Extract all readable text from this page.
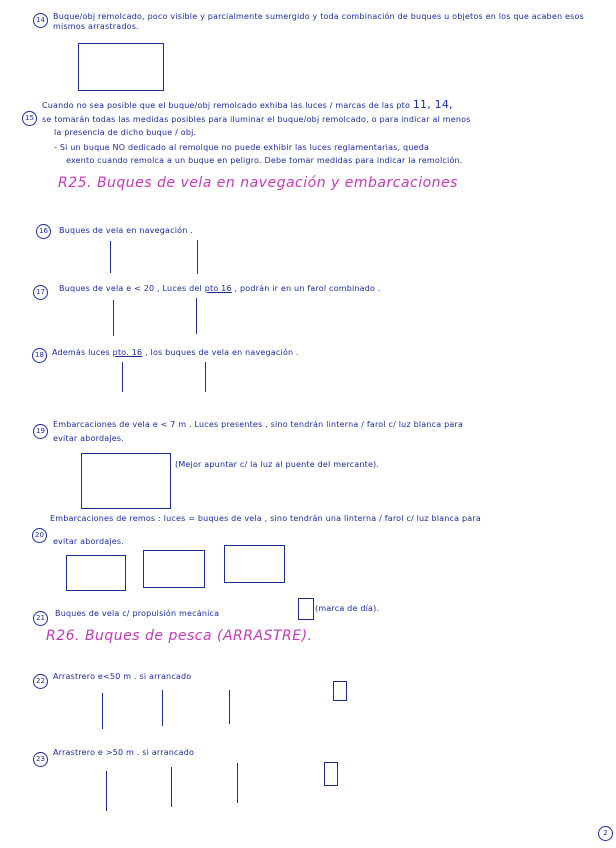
14	Buque/obj remolcado, poco visible y parcialmente sumergido y toda combinación de buques u objetos en los que acaben esos mismos arrastrados.
15
Cuando no sea posible que el buque/obj remolcado exhiba las luces / marcas de las pto 11, 14,
se tomarán todas las medidas posibles para iluminar el buque/obj remolcado, o para indicar al menos
la presencia de dicho buque / obj.
- Si un buque NO dedicado al remolque no puede exhibir las luces reglamentarias, queda
exento cuando remolca a un buque en peligro. Debe tomar medidas para indicar la remolción.
R25. Buques de vela en navegación y embarcaciones
16	Buques de vela en navegación .
17	Buques de vela e < 20 , Luces del pto 16 , podrán ir en un farol combinado .
18	Además luces pto. 16 , los buques de vela en navegación .
19
Embarcaciones de vela e < 7 m . Luces presentes , sino tendrán linterna / farol c/ luz blanca para
evitar abordajes.
(Mejor apuntar c/ la luz al puente del mercante).
20
Embarcaciones de remos : luces = buques de vela , sino tendrán una linterna / farol c/ luz blanca para
evitar abordajes.
21	Buques de vela c/ propulsión mecánica
(marca de día).
R26. Buques de pesca (ARRASTRE).
22	Arrastrero e<50 m . si arrancado
23
Arrastrero e >50 m . si arrancado
2
